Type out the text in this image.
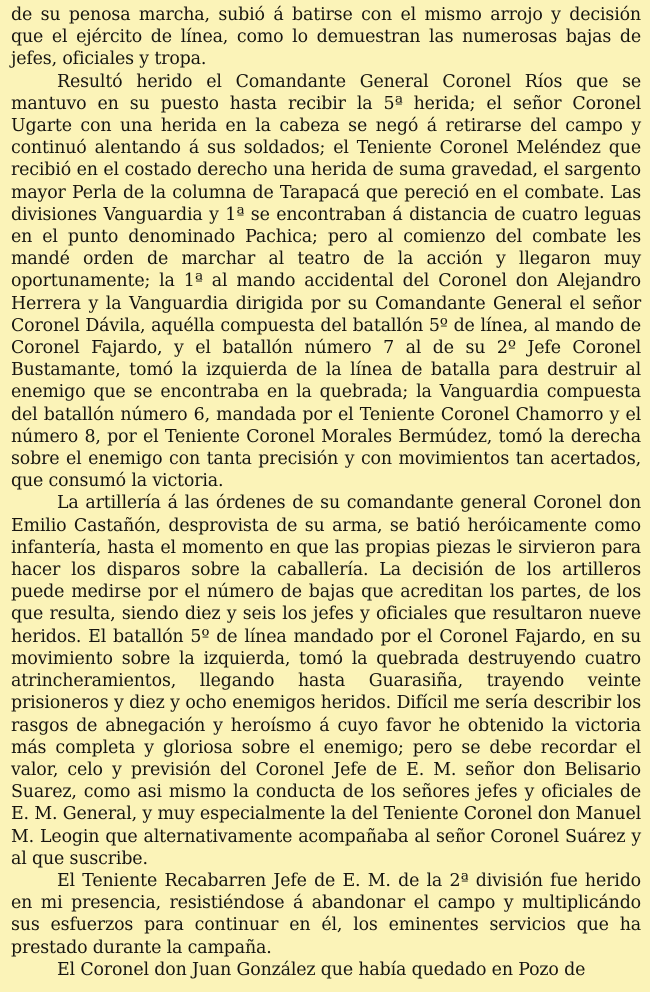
de su penosa marcha, subió á batirse con el mismo arrojo y decisión que el ejército de línea, como lo demuestran las numerosas bajas de jefes, oficiales y tropa.

Resultó herido el Comandante General Coronel Ríos que se mantuvo en su puesto hasta recibir la 5ª herida; el señor Coronel Ugarte con una herida en la cabeza se negó á retirarse del campo y continuó alentando á sus soldados; el Teniente Coronel Meléndez que recibió en el costado derecho una herida de suma gravedad, el sargento mayor Perla de la columna de Tarapacá que pereció en el combate. Las divisiones Vanguardia y 1ª se encontraban á distancia de cuatro leguas en el punto denominado Pachica; pero al comienzo del combate les mandé orden de marchar al teatro de la acción y llegaron muy oportunamente; la 1ª al mando accidental del Coronel don Alejandro Herrera y la Vanguardia dirigida por su Comandante General el señor Coronel Dávila, aquélla compuesta del batallón 5º de línea, al mando de Coronel Fajardo, y el batallón número 7 al de su 2º Jefe Coronel Bustamante, tomó la izquierda de la línea de batalla para destruir al enemigo que se encontraba en la quebrada; la Vanguardia compuesta del batallón número 6, mandada por el Teniente Coronel Chamorro y el número 8, por el Teniente Coronel Morales Bermúdez, tomó la derecha sobre el enemigo con tanta precisión y con movimientos tan acertados, que consumó la victoria.

La artillería á las órdenes de su comandante general Coronel don Emilio Castañón, desprovista de su arma, se batió heróicamente como infantería, hasta el momento en que las propias piezas le sirvieron para hacer los disparos sobre la caballería. La decisión de los artilleros puede medirse por el número de bajas que acreditan los partes, de los que resulta, siendo diez y seis los jefes y oficiales que resultaron nueve heridos. El batallón 5º de línea mandado por el Coronel Fajardo, en su movimiento sobre la izquierda, tomó la quebrada destruyendo cuatro atrincheramientos, llegando hasta Guarasiña, trayendo veinte prisioneros y diez y ocho enemigos heridos. Difícil me sería describir los rasgos de abnegación y heroísmo á cuyo favor he obtenido la victoria más completa y gloriosa sobre el enemigo; pero se debe recordar el valor, celo y previsión del Coronel Jefe de E. M. señor don Belisario Suarez, como asi mismo la conducta de los señores jefes y oficiales de E. M. General, y muy especialmente la del Teniente Coronel don Manuel M. Leogin que alternativamente acompañaba al señor Coronel Suárez y al que suscribe.

El Teniente Recabarren Jefe de E. M. de la 2ª división fue herido en mi presencia, resistiéndose á abandonar el campo y multiplicándo sus esfuerzos para continuar en él, los eminentes servicios que ha prestado durante la campaña.

El Coronel don Juan González que había quedado en Pozo de
